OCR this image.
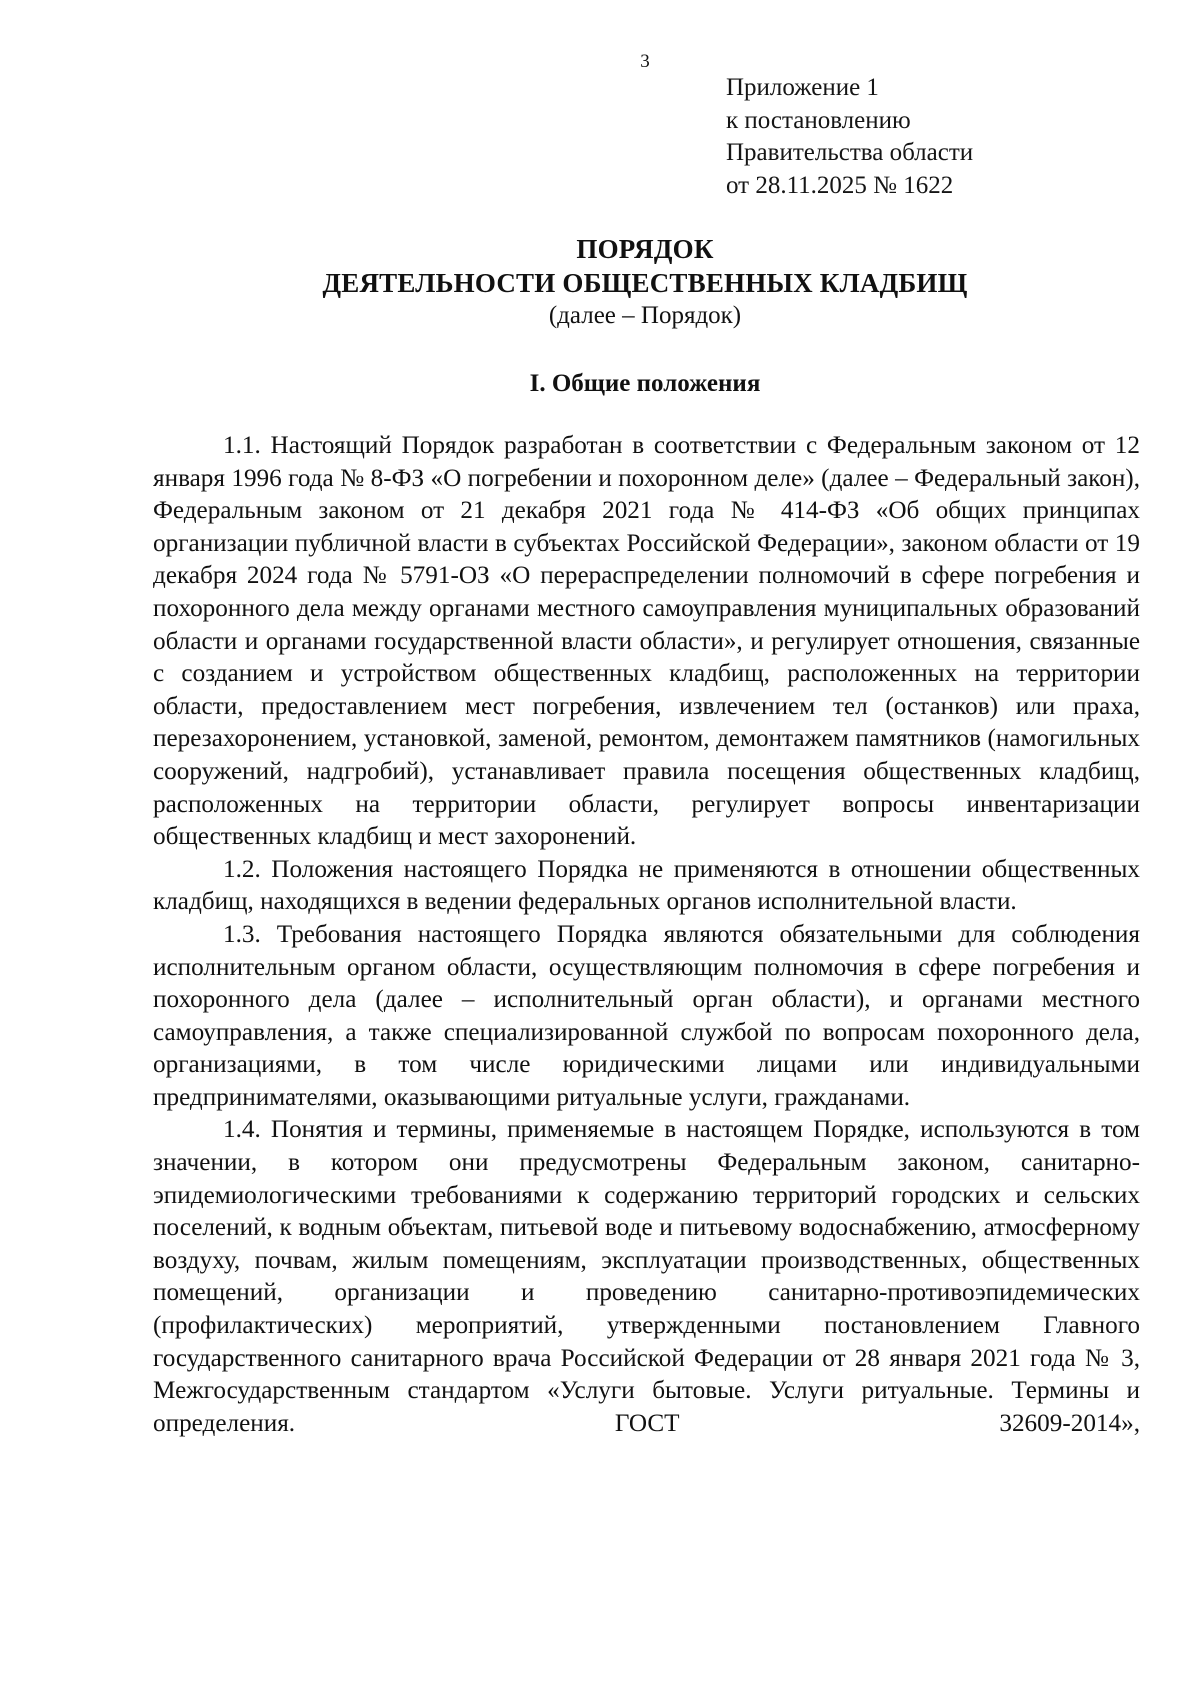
3
Приложение 1
к постановлению
Правительства области
от 28.11.2025 № 1622
ПОРЯДОК
ДЕЯТЕЛЬНОСТИ ОБЩЕСТВЕННЫХ КЛАДБИЩ
(далее – Порядок)
I. Общие положения

1.1. Настоящий Порядок разработан в соответствии с Федеральным законом от 12 января 1996 года № 8-ФЗ «О погребении и похоронном деле» (далее – Федеральный закон), Федеральным законом от 21 декабря 2021 года № 414-ФЗ «Об общих принципах организации публичной власти в субъектах Российской Федерации», законом области от 19 декабря 2024 года № 5791-ОЗ «О перераспределении полномочий в сфере погребения и похоронного дела между органами местного самоуправления муниципальных образований области и органами государственной власти области», и регулирует отношения, связанные с созданием и устройством общественных кладбищ, расположенных на территории области, предоставлением мест погребения, извлечением тел (останков) или праха, перезахоронением, установкой, заменой, ремонтом, демонтажем памятников (намогильных сооружений, надгробий), устанавливает правила посещения общественных кладбищ, расположенных на территории области, регулирует вопросы инвентаризации общественных кладбищ и мест захоронений.

1.2. Положения настоящего Порядка не применяются в отношении общественных кладбищ, находящихся в ведении федеральных органов исполнительной власти.

1.3. Требования настоящего Порядка являются обязательными для соблюдения исполнительным органом области, осуществляющим полномочия в сфере погребения и похоронного дела (далее – исполнительный орган области), и органами местного самоуправления, а также специализированной службой по вопросам похоронного дела, организациями, в том числе юридическими лицами или индивидуальными предпринимателями, оказывающими ритуальные услуги, гражданами.

1.4. Понятия и термины, применяемые в настоящем Порядке, используются в том значении, в котором они предусмотрены Федеральным законом, санитарно-эпидемиологическими требованиями к содержанию территорий городских и сельских поселений, к водным объектам, питьевой воде и питьевому водоснабжению, атмосферному воздуху, почвам, жилым помещениям, эксплуатации производственных, общественных помещений, организации и проведению санитарно-противоэпидемических (профилактических) мероприятий, утвержденными постановлением Главного государственного санитарного врача Российской Федерации от 28 января 2021 года № 3, Межгосударственным стандартом «Услуги бытовые. Услуги ритуальные. Термины и определения. ГОСТ 32609-2014»,
